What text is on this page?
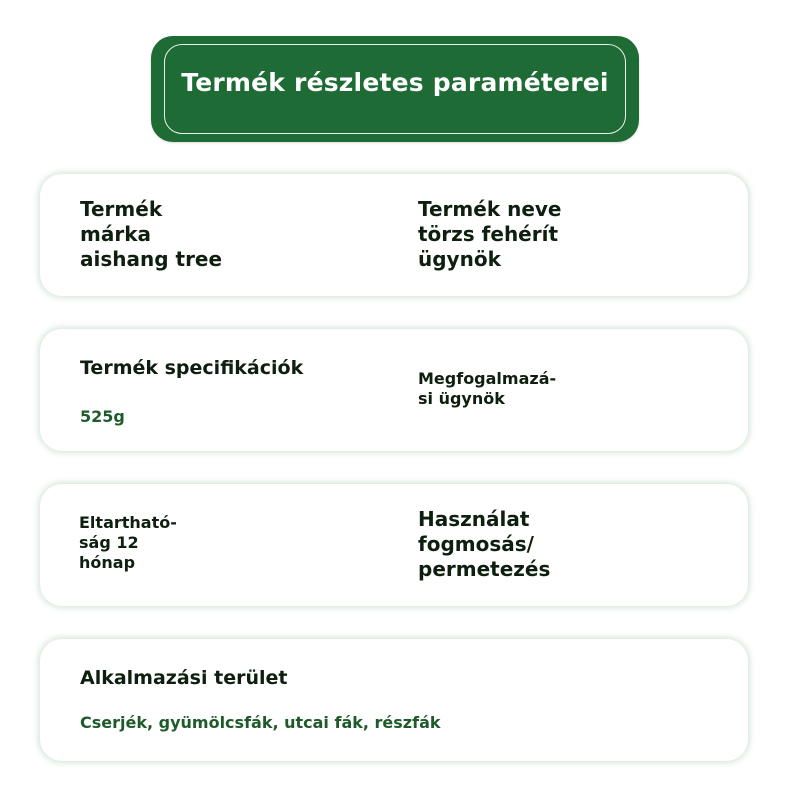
Termék részletes paraméterei
Termék
márka
aishang tree
Termék neve
törzs fehérít
ügynök
Termék specifikációk
525g
Megfogalmazá-
si ügynök
Eltartható-
ság 12
hónap
Használat
fogmosás/
permetezés
Alkalmazási terület
Cserjék, gyümölcsfák, utcai fák, részfák
